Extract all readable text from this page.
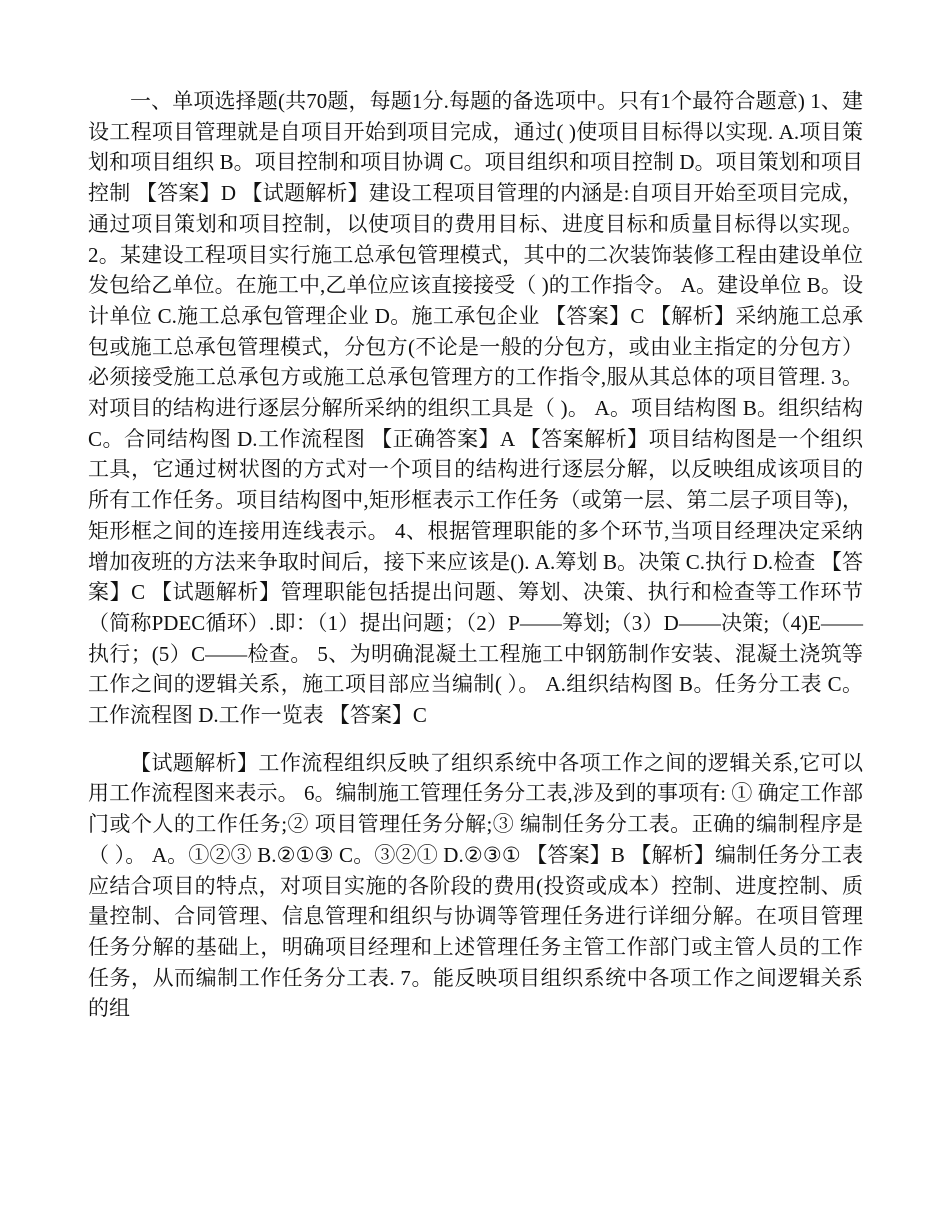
一、单项选择题(共70题，每题1分.每题的备选项中。只有1个最符合题意) 1、建设工程项目管理就是自项目开始到项目完成，通过( )使项目目标得以实现. A.项目策划和项目组织 B。项目控制和项目协调 C。项目组织和项目控制 D。项目策划和项目控制 【答案】D 【试题解析】建设工程项目管理的内涵是:自项目开始至项目完成，通过项目策划和项目控制，以使项目的费用目标、进度目标和质量目标得以实现。 2。某建设工程项目实行施工总承包管理模式，其中的二次装饰装修工程由建设单位发包给乙单位。在施工中,乙单位应该直接接受（ )的工作指令。 A。建设单位 B。设计单位 C.施工总承包管理企业 D。施工承包企业 【答案】C 【解析】采纳施工总承包或施工总承包管理模式，分包方(不论是一般的分包方，或由业主指定的分包方）必须接受施工总承包方或施工总承包管理方的工作指令,服从其总体的项目管理. 3。对项目的结构进行逐层分解所采纳的组织工具是（ )。 A。项目结构图 B。组织结构 C。合同结构图 D.工作流程图 【正确答案】A 【答案解析】项目结构图是一个组织工具，它通过树状图的方式对一个项目的结构进行逐层分解，以反映组成该项目的所有工作任务。项目结构图中,矩形框表示工作任务（或第一层、第二层子项目等)，矩形框之间的连接用连线表示。 4、根据管理职能的多个环节,当项目经理决定采纳增加夜班的方法来争取时间后，接下来应该是(). A.筹划 B。决策 C.执行 D.检查 【答案】C 【试题解析】管理职能包括提出问题、筹划、决策、执行和检查等工作环节（简称PDEC循环）.即：（1）提出问题；（2）P——筹划;（3）D——决策;（4)E——执行；(5）C——检查。 5、为明确混凝土工程施工中钢筋制作安装、混凝土浇筑等工作之间的逻辑关系，施工项目部应当编制( ）。 A.组织结构图 B。任务分工表 C。工作流程图 D.工作一览表 【答案】C

【试题解析】工作流程组织反映了组织系统中各项工作之间的逻辑关系,它可以用工作流程图来表示。 6。编制施工管理任务分工表,涉及到的事项有: ① 确定工作部门或个人的工作任务;② 项目管理任务分解;③ 编制任务分工表。正确的编制程序是（ ）。 A。①②③ B.②①③ C。③②① D.②③① 【答案】B 【解析】编制任务分工表应结合项目的特点，对项目实施的各阶段的费用(投资或成本）控制、进度控制、质量控制、合同管理、信息管理和组织与协调等管理任务进行详细分解。在项目管理任务分解的基础上，明确项目经理和上述管理任务主管工作部门或主管人员的工作任务，从而编制工作任务分工表. 7。能反映项目组织系统中各项工作之间逻辑关系的组
